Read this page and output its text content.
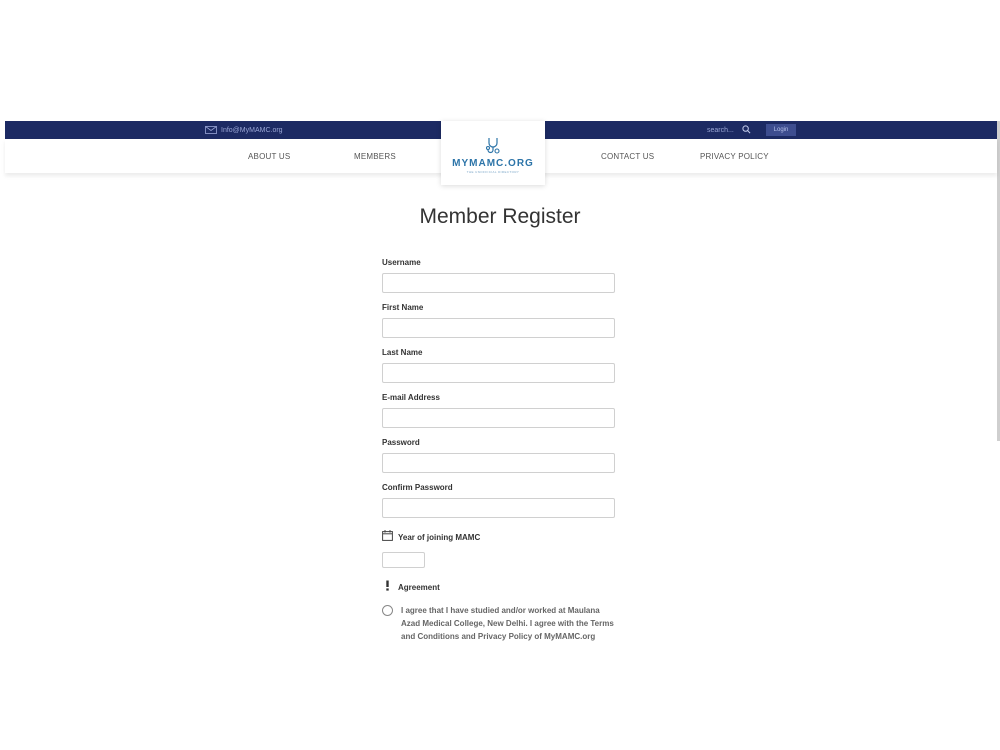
Info@MyMAMC.org	search...	Login
ABOUT US	MEMBERS	CONTACT US	PRIVACY POLICY
MYMAMC.ORG
THE UNOFFICIAL DIRECTORY
Member Register

Username

First Name

Last Name

E-mail Address

Password

Confirm Password

Year of joining MAMC
Agreement
I agree that I have studied and/or worked at Maulana Azad Medical College, New Delhi. I agree with the Terms and Conditions and Privacy Policy of MyMAMC.org
